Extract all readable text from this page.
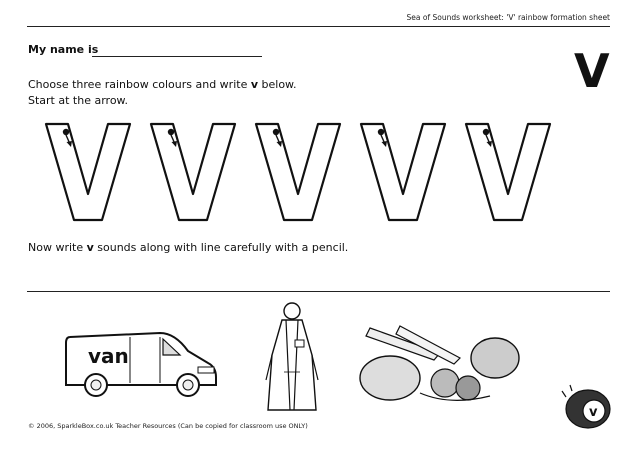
Sea of Sounds worksheet: 'V' rainbow formation sheet
My name is	V
Choose three rainbow colours and write v below.
Start at the arrow.
Now write v sounds along with line carefully with a pencil.
van
v
© 2006, SparkleBox.co.uk Teacher Resources (Can be copied for classroom use ONLY)
